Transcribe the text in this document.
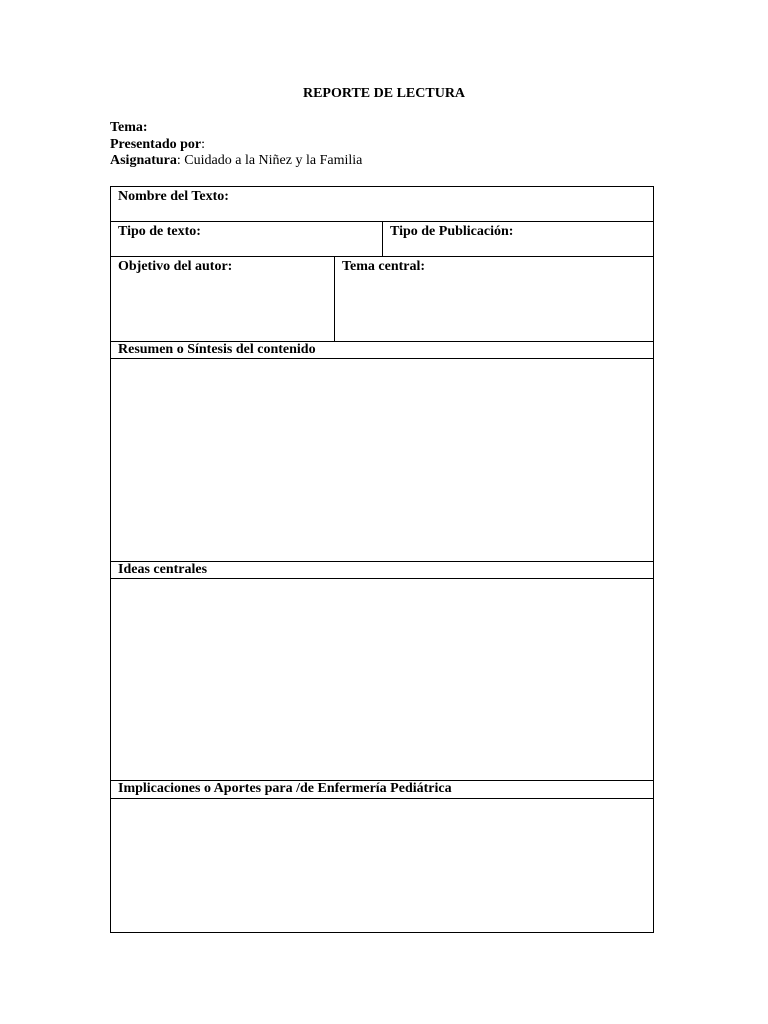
REPORTE DE LECTURA
Tema:
Presentado por:
Asignatura: Cuidado a la Niñez y la Familia
Nombre del Texto:
Tipo de texto:	Tipo de Publicación:
Objetivo del autor:	Tema central:
Resumen o Síntesis del contenido
Ideas centrales
Implicaciones o Aportes para /de Enfermería Pediátrica
